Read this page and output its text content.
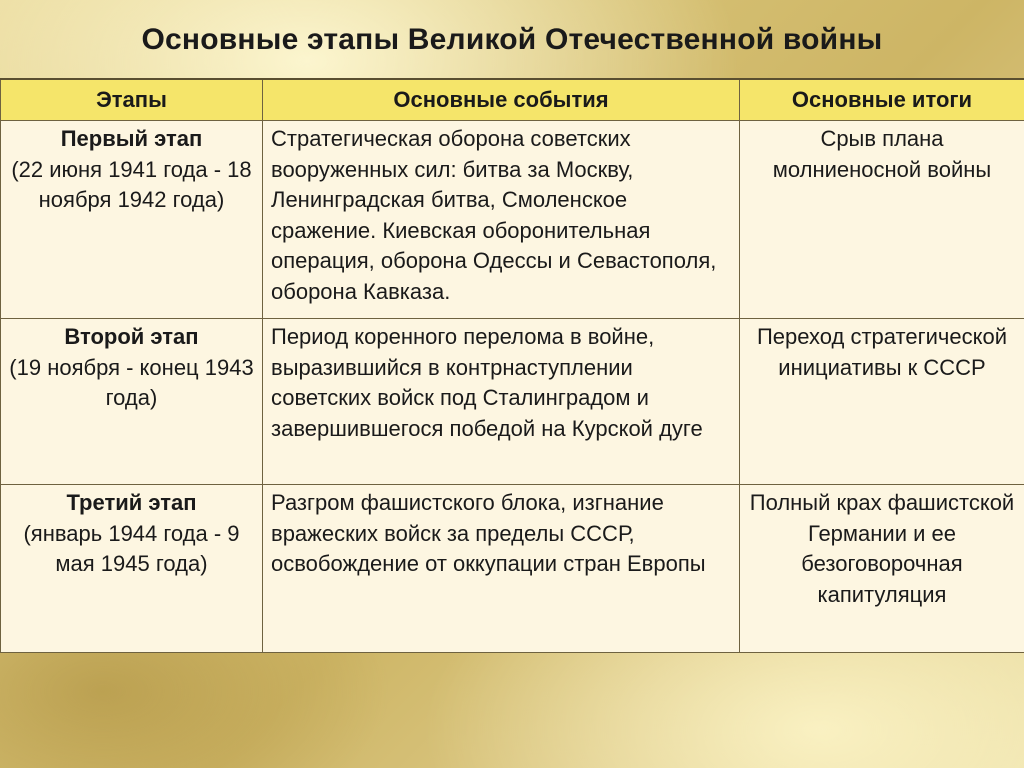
Основные этапы Великой Отечественной войны
Этапы	Основные события	Основные итоги

Первый этап
(22 июня 1941 года - 18 ноября 1942 года)	Стратегическая оборона советских вооруженных сил: битва за Москву, Ленинградская битва, Смоленское сражение. Киевская оборонительная операция, оборона Одессы и Севастополя, оборона Кавказа.	Срыв плана молниеносной войны

Второй этап
(19 ноября - конец 1943 года)	Период коренного перелома в войне, выразившийся в контрнаступлении советских войск под Сталинградом и завершившегося победой на Курской дуге	Переход стратегической инициативы к СССР

Третий этап
(январь 1944 года - 9 мая 1945 года)	Разгром фашистского блока, изгнание вражеских войск за пределы СССР, освобождение от оккупации стран Европы	Полный крах фашистской Германии и ее безоговорочная капитуляция
